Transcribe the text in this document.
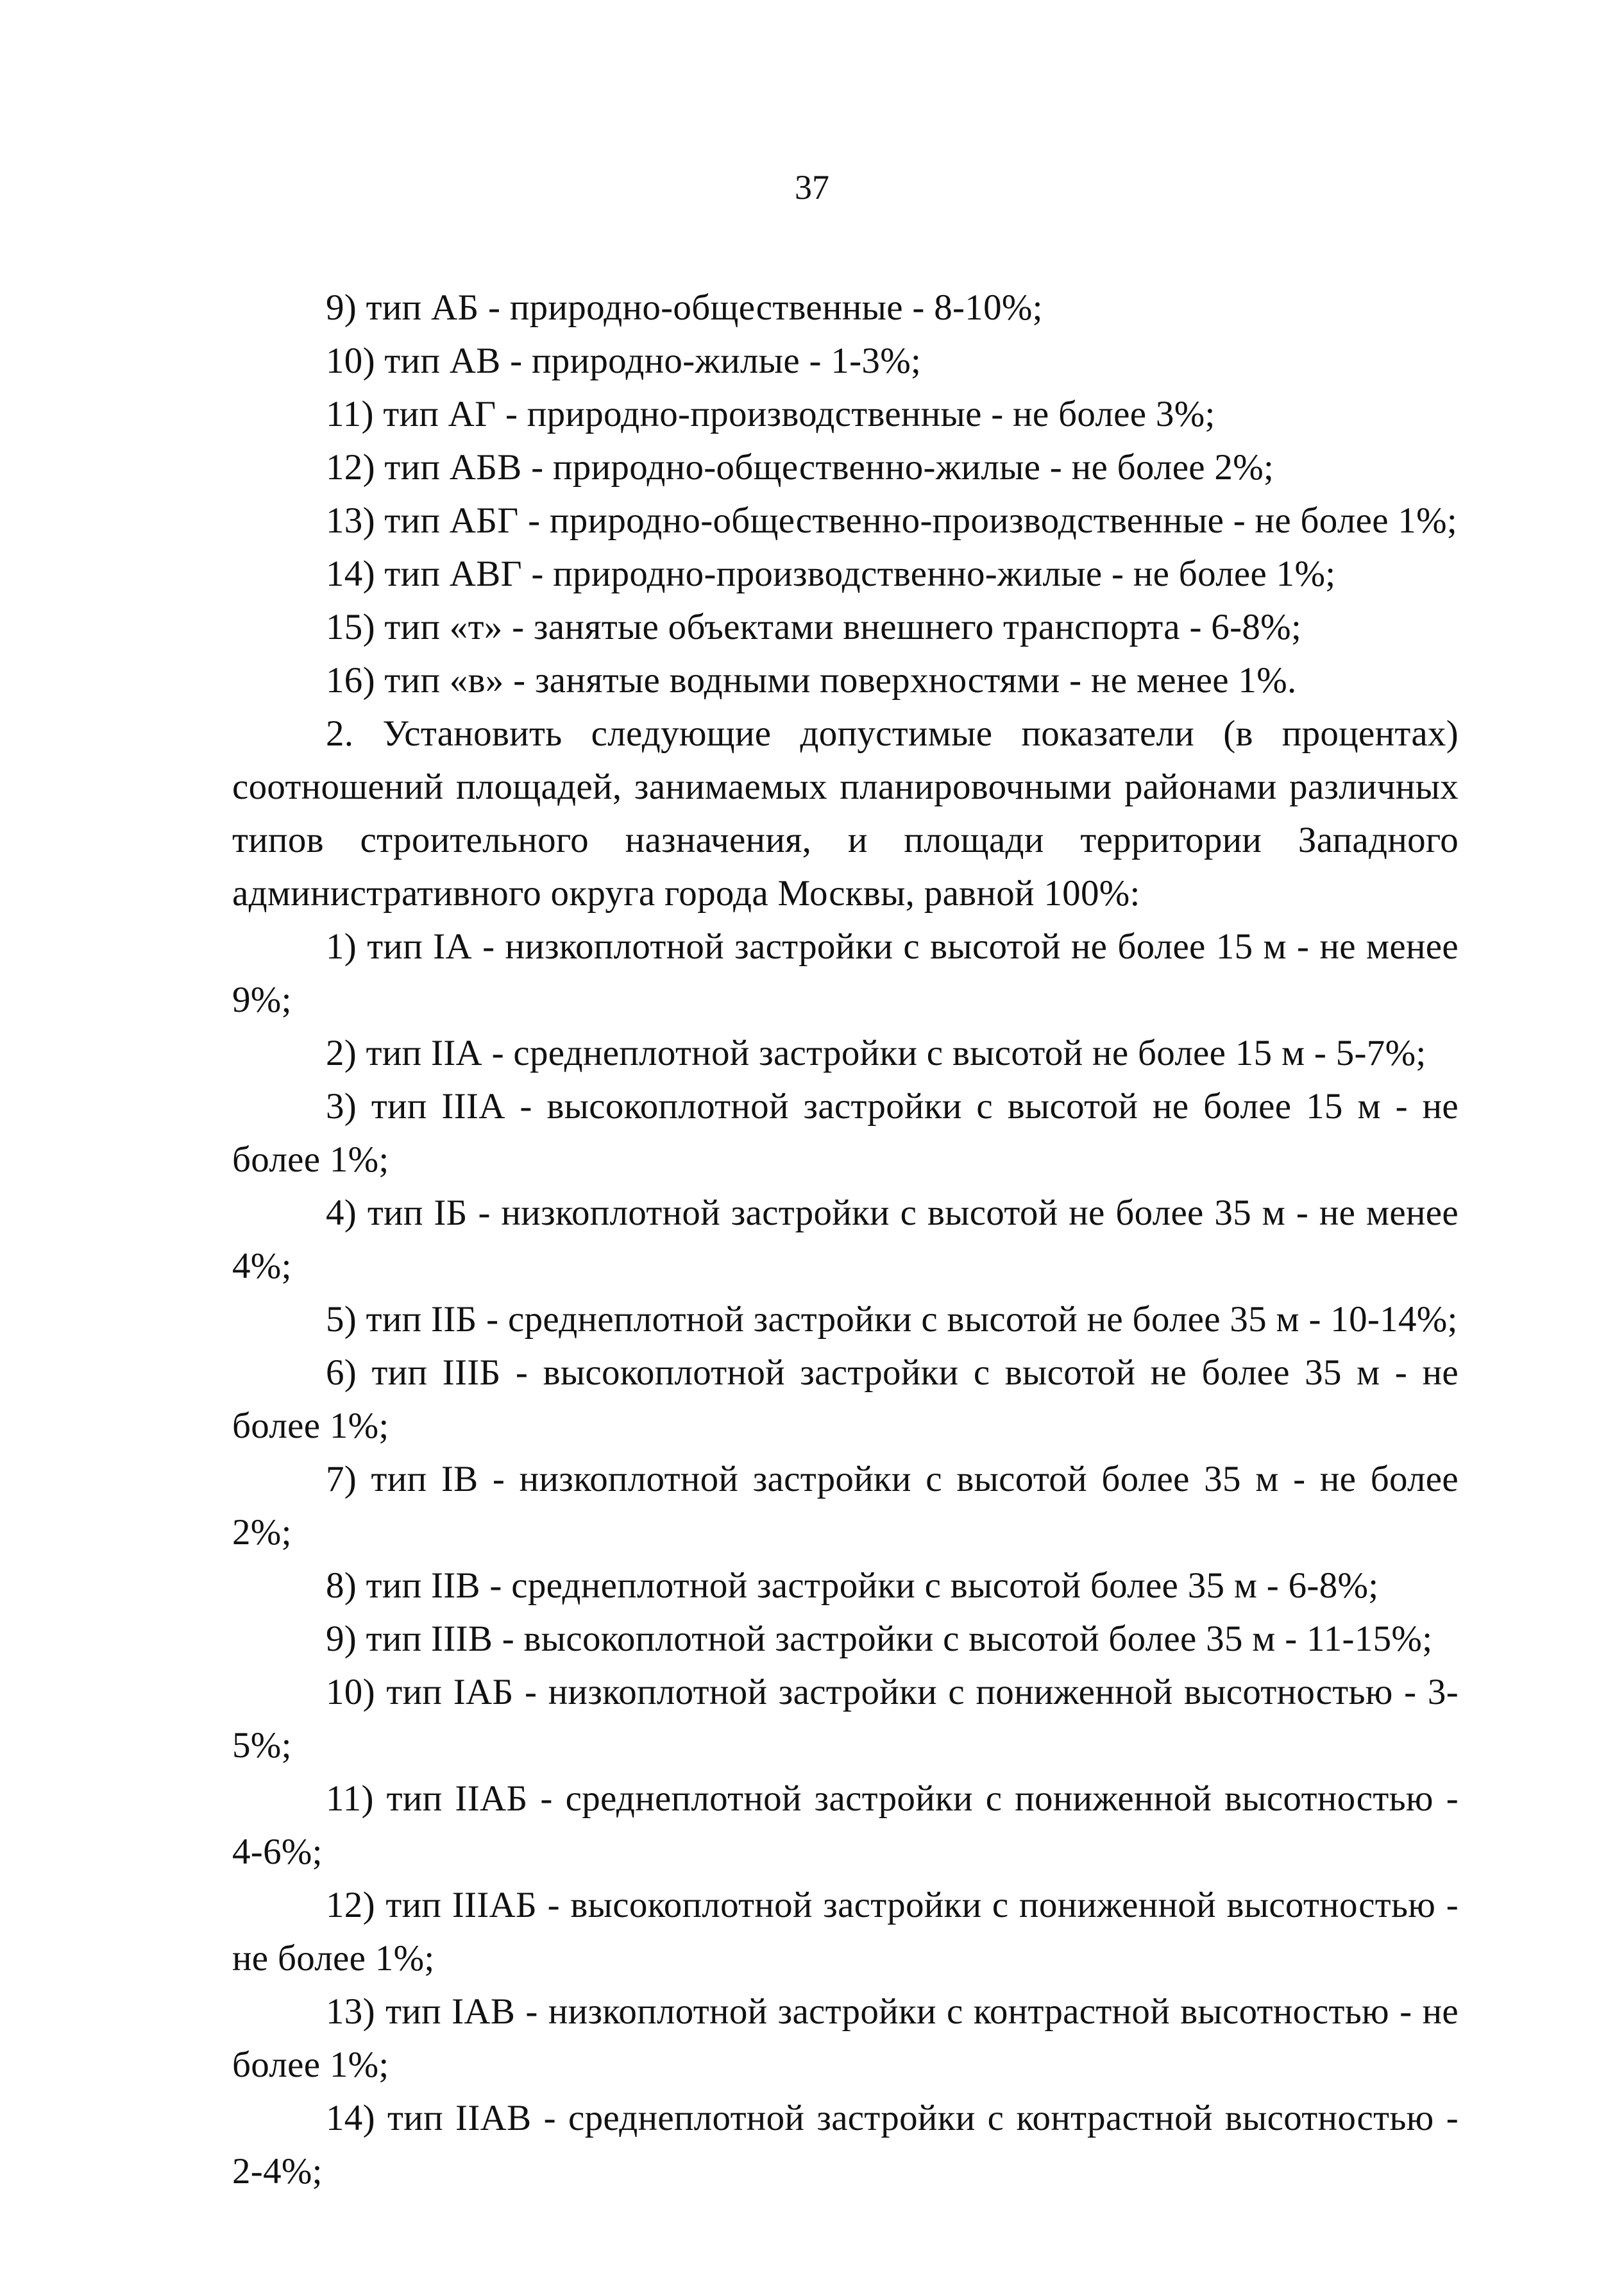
37

9) тип АБ - природно-общественные - 8-10%;

10) тип АВ - природно-жилые - 1-3%;

11) тип АГ - природно-производственные - не более 3%;

12) тип АБВ - природно-общественно-жилые - не более 2%;

13) тип АБГ - природно-общественно-производственные - не более 1%;

14) тип АВГ - природно-производственно-жилые - не более 1%;

15) тип «т» - занятые объектами внешнего транспорта - 6-8%;

16) тип «в» - занятые водными поверхностями - не менее 1%.

2. Установить следующие допустимые показатели (в процентах) соотношений площадей, занимаемых планировочными районами различных типов строительного назначения, и площади территории Западного административного округа города Москвы, равной 100%:

1) тип IА - низкоплотной застройки с высотой не более 15 м - не менее 9%;

2) тип IIА - среднеплотной застройки с высотой не более 15 м - 5-7%;

3) тип IIIА - высокоплотной застройки с высотой не более 15 м - не более 1%;

4) тип IБ - низкоплотной застройки с высотой не более 35 м - не менее 4%;

5) тип IIБ - среднеплотной застройки с высотой не более 35 м - 10-14%;

6) тип IIIБ - высокоплотной застройки с высотой не более 35 м - не более 1%;

7) тип IВ - низкоплотной застройки с высотой более 35 м - не более 2%;

8) тип IIВ - среднеплотной застройки с высотой более 35 м - 6-8%;

9) тип IIIВ - высокоплотной застройки с высотой более 35 м - 11-15%;

10) тип IАБ - низкоплотной застройки с пониженной высотностью - 3-5%;

11) тип IIАБ - среднеплотной застройки с пониженной высотностью - 4-6%;

12) тип IIIАБ - высокоплотной застройки с пониженной высотностью - не более 1%;

13) тип IАВ - низкоплотной застройки с контрастной высотностью - не более 1%;

14) тип IIАВ - среднеплотной застройки с контрастной высотностью - 2-4%;
